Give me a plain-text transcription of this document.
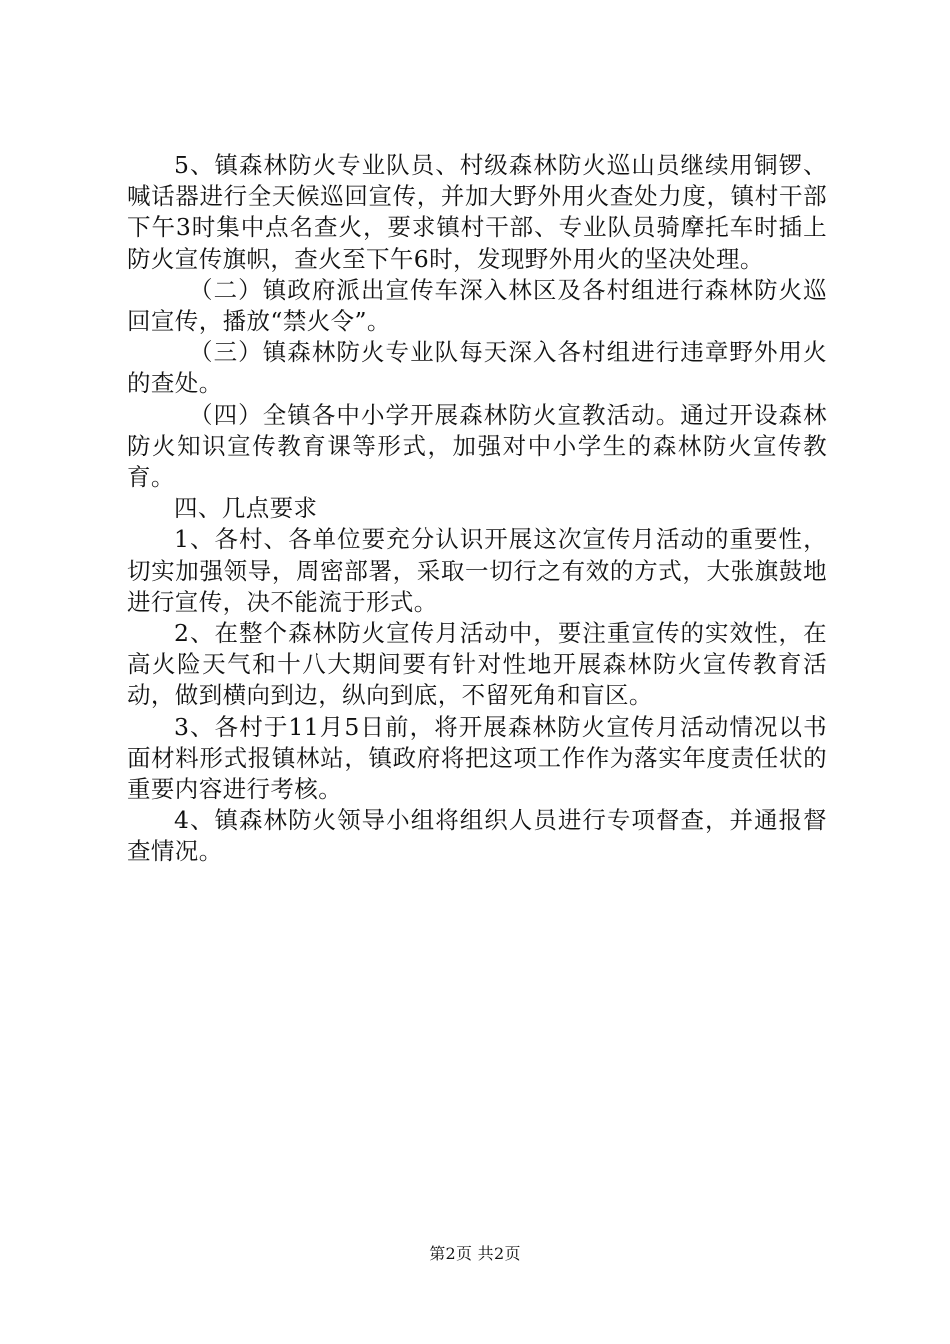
5、镇森林防火专业队员、村级森林防火巡山员继续用铜锣、喊话器进行全天候巡回宣传，并加大野外用火查处力度，镇村干部下午3时集中点名查火，要求镇村干部、专业队员骑摩托车时插上防火宣传旗帜，查火至下午6时，发现野外用火的坚决处理。

（二）镇政府派出宣传车深入林区及各村组进行森林防火巡回宣传，播放“禁火令”。

（三）镇森林防火专业队每天深入各村组进行违章野外用火的查处。

（四）全镇各中小学开展森林防火宣教活动。通过开设森林防火知识宣传教育课等形式，加强对中小学生的森林防火宣传教育。

四、几点要求

1、各村、各单位要充分认识开展这次宣传月活动的重要性，切实加强领导，周密部署，采取一切行之有效的方式，大张旗鼓地进行宣传，决不能流于形式。

2、在整个森林防火宣传月活动中，要注重宣传的实效性，在高火险天气和十八大期间要有针对性地开展森林防火宣传教育活动，做到横向到边，纵向到底，不留死角和盲区。

3、各村于11月5日前，将开展森林防火宣传月活动情况以书面材料形式报镇林站，镇政府将把这项工作作为落实年度责任状的重要内容进行考核。

4、镇森林防火领导小组将组织人员进行专项督查，并通报督查情况。

第2页 共2页
